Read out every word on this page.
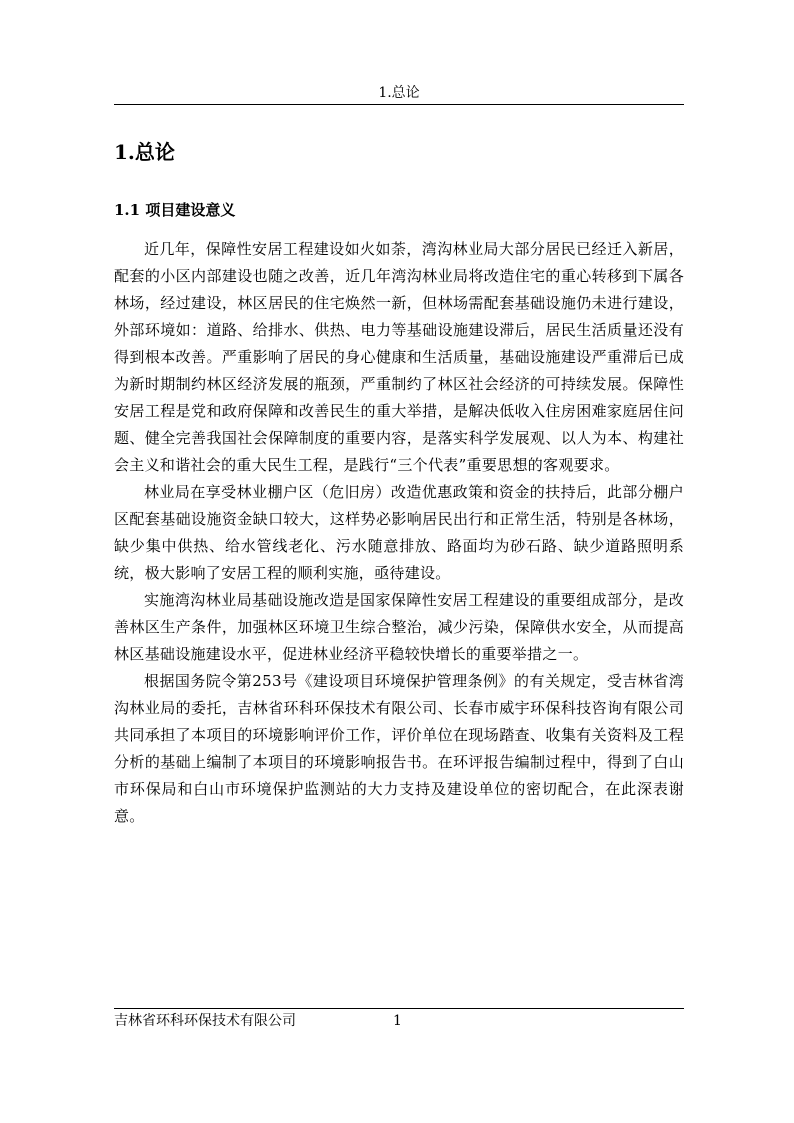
1.总论
1.总论
1.1 项目建设意义

近几年，保障性安居工程建设如火如荼，湾沟林业局大部分居民已经迁入新居，配套的小区内部建设也随之改善，近几年湾沟林业局将改造住宅的重心转移到下属各林场，经过建设，林区居民的住宅焕然一新，但林场需配套基础设施仍未进行建设，外部环境如：道路、给排水、供热、电力等基础设施建设滞后，居民生活质量还没有得到根本改善。严重影响了居民的身心健康和生活质量，基础设施建设严重滞后已成为新时期制约林区经济发展的瓶颈，严重制约了林区社会经济的可持续发展。保障性安居工程是党和政府保障和改善民生的重大举措，是解决低收入住房困难家庭居住问题、健全完善我国社会保障制度的重要内容，是落实科学发展观、以人为本、构建社会主义和谐社会的重大民生工程，是践行“三个代表”重要思想的客观要求。

林业局在享受林业棚户区（危旧房）改造优惠政策和资金的扶持后，此部分棚户区配套基础设施资金缺口较大，这样势必影响居民出行和正常生活，特别是各林场，缺少集中供热、给水管线老化、污水随意排放、路面均为砂石路、缺少道路照明系统，极大影响了安居工程的顺利实施，亟待建设。

实施湾沟林业局基础设施改造是国家保障性安居工程建设的重要组成部分，是改善林区生产条件，加强林区环境卫生综合整治，减少污染，保障供水安全，从而提高林区基础设施建设水平，促进林业经济平稳较快增长的重要举措之一。

根据国务院令第253号《建设项目环境保护管理条例》的有关规定，受吉林省湾沟林业局的委托，吉林省环科环保技术有限公司、长春市威宇环保科技咨询有限公司共同承担了本项目的环境影响评价工作，评价单位在现场踏查、收集有关资料及工程分析的基础上编制了本项目的环境影响报告书。在环评报告编制过程中，得到了白山市环保局和白山市环境保护监测站的大力支持及建设单位的密切配合，在此深表谢意。

吉林省环科环保技术有限公司	1
